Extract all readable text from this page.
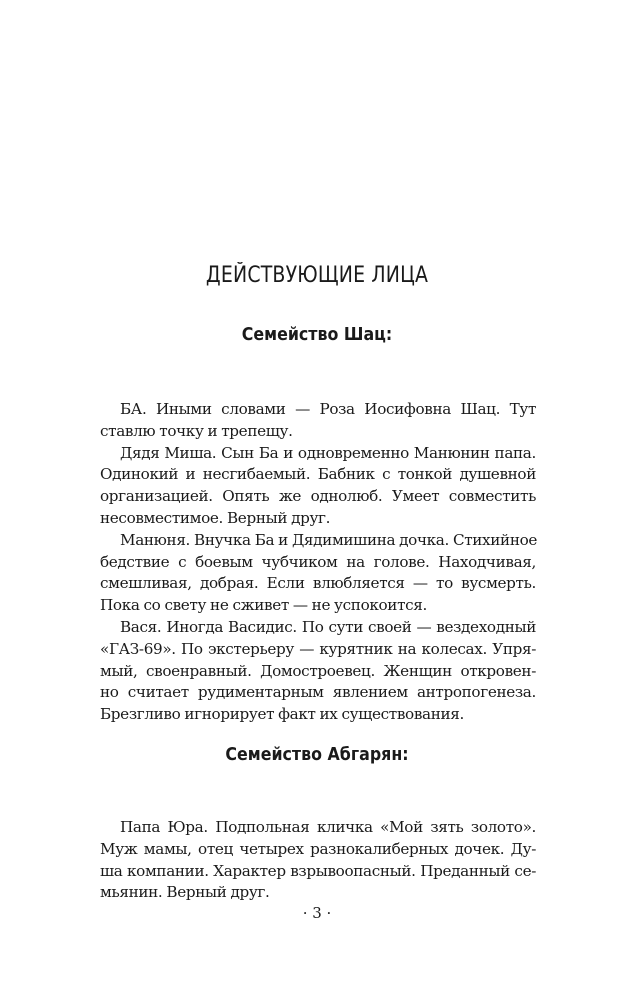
ДЕЙСТВУЮЩИЕ ЛИЦА
Семейство Шац:
БА. Иными словами — Роза Иосифовна Шац. Тут
ставлю точку и трепещу.
Дядя Миша. Сын Ба и одновременно Манюнин папа.
Одинокий и несгибаемый. Бабник с тонкой душевной
организацией. Опять же однолюб. Умеет совместить
несовместимое. Верный друг.
Манюня. Внучка Ба и Дядимишина дочка. Стихийное
бедствие с боевым чубчиком на голове. Находчивая,
смешливая, добрая. Если влюбляется — то вусмерть.
Пока со свету не сживет — не успокоится.
Вася. Иногда Васидис. По сути своей — вездеходный
«ГАЗ-69». По экстерьеру — курятник на колесах. Упря-
мый, своенравный. Домостроевец. Женщин откровен-
но считает рудиментарным явлением антропогенеза.
Брезгливо игнорирует факт их существования.
Семейство Абгарян:
Папа Юра. Подпольная кличка «Мой зять золото».
Муж мамы, отец четырех разнокалиберных дочек. Ду-
ша компании. Характер взрывоопасный. Преданный се-
мьянин. Верный друг.
· 3 ·
